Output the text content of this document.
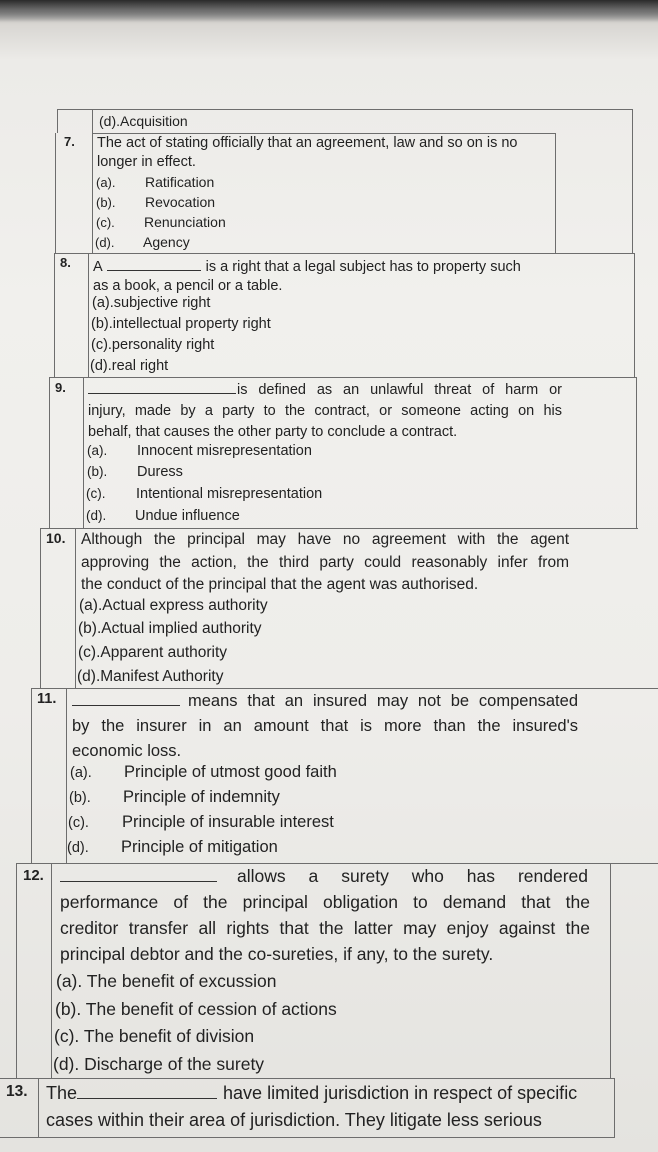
(d).Acquisition
7. The act of stating officially that an agreement, law and so on is no
longer in effect.
(a). Ratification
(b). Revocation
(c). Renunciation
(d). Agency
8. A	is a right that a legal subject has to property such
as a book, a pencil or a table.
(a).subjective right
(b).intellectual property right
(c).personality right
(d).real right
9.	is defined as an unlawful threat of harm or
injury, made by a party to the contract, or someone acting on his
behalf, that causes the other party to conclude a contract.
(a). Innocent misrepresentation
(b). Duress
(c). Intentional misrepresentation
(d). Undue influence
10. Although the principal may have no agreement with the agent
approving the action, the third party could reasonably infer from
the conduct of the principal that the agent was authorised.
(a).Actual express authority
(b).Actual implied authority
(c).Apparent authority
(d).Manifest Authority
11.	means that an insured may not be compensated
by the insurer in an amount that is more than the insured's
economic loss.
(a). Principle of utmost good faith
(b). Principle of indemnity
(c). Principle of insurable interest
(d). Principle of mitigation
12.	allows a surety who has rendered
performance of the principal obligation to demand that the
creditor transfer all rights that the latter may enjoy against the
principal debtor and the co-sureties, if any, to the surety.
(a). The benefit of excussion
(b). The benefit of cession of actions
(c). The benefit of division
(d). Discharge of the surety
13. The	have limited jurisdiction in respect of specific
cases within their area of jurisdiction. They litigate less serious
